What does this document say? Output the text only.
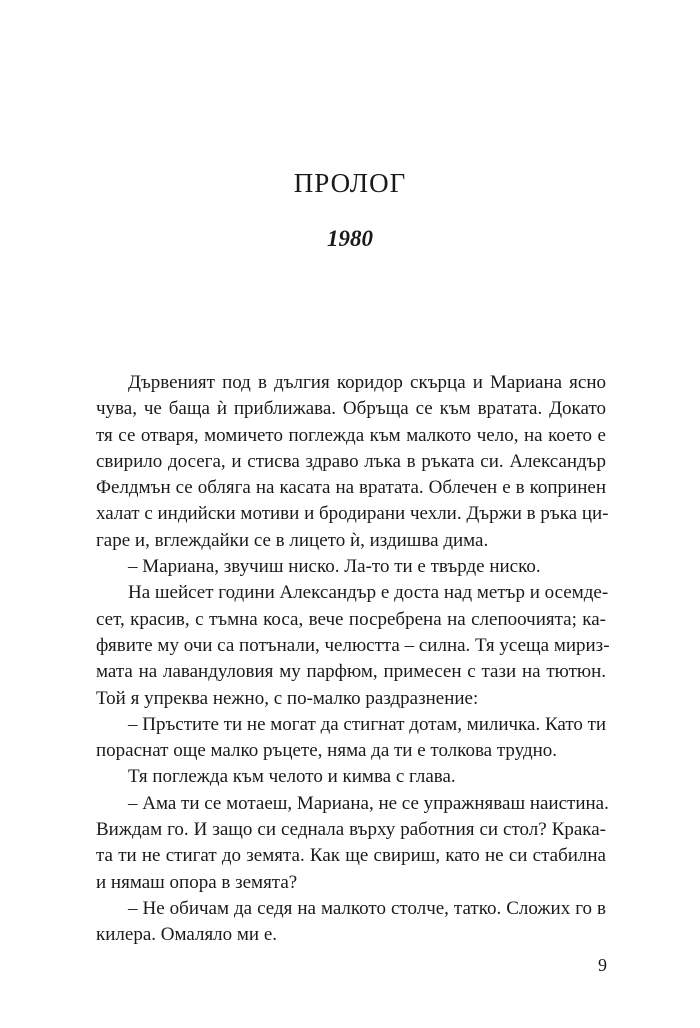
ПРОЛОГ
1980
Дървеният под в дългия коридор скърца и Мариана ясно
чува, че баща ѝ приближава. Обръща се към вратата. Докато
тя се отваря, момичето поглежда към малкото чело, на което е
свирило досега, и стисва здраво лъка в ръката си. Александър
Фелдмън се обляга на касата на вратата. Облечен е в копринен
халат с индийски мотиви и бродирани чехли. Държи в ръка ци-
гаре и, вглеждайки се в лицето ѝ, издишва дима.
– Мариана, звучиш ниско. Ла-то ти е твърде ниско.
На шейсет години Александър е доста над метър и осемде-
сет, красив, с тъмна коса, вече посребрена на слепоочията; ка-
фявите му очи са потънали, челюстта – силна. Тя усеща мириз-
мата на лавандуловия му парфюм, примесен с тази на тютюн.
Той я упреква нежно, с по-малко раздразнение:
– Пръстите ти не могат да стигнат дотам, миличка. Като ти
пораснат още малко ръцете, няма да ти е толкова трудно.
Тя поглежда към челото и кимва с глава.
– Ама ти се мотаеш, Мариана, не се упражняваш наистина.
Виждам го. И защо си седнала върху работния си стол? Крака-
та ти не стигат до земята. Как ще свириш, като не си стабилна
и нямаш опора в земята?
– Не обичам да седя на малкото столче, татко. Сложих го в
килера. Омаляло ми е.
9
